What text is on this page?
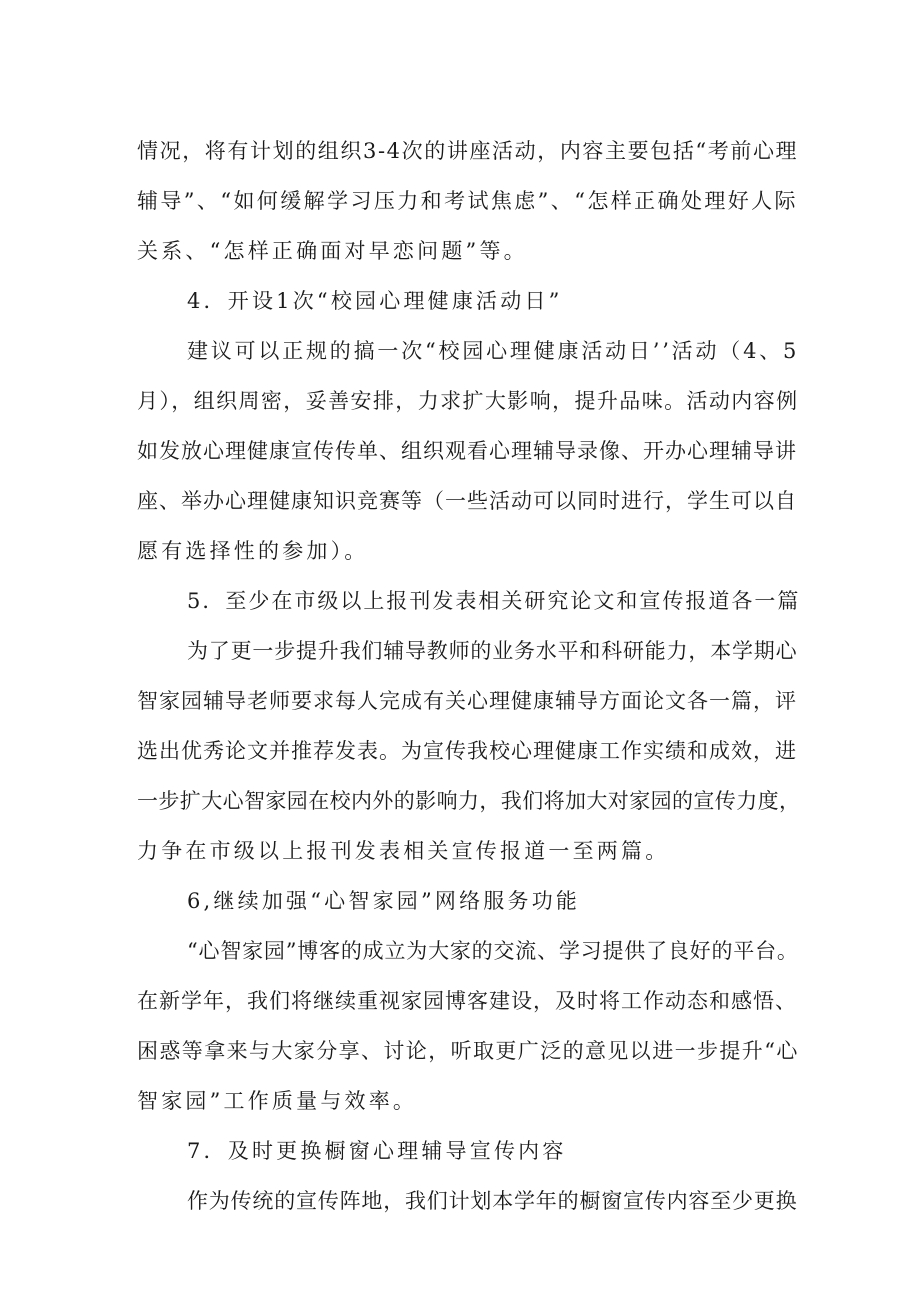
情况，将有计划的组织3-4次的讲座活动，内容主要包括“考前心理
辅导”、“如何缓解学习压力和考试焦虑”、“怎样正确处理好人际
关系、“怎样正确面对早恋问题”等。
4．开设1次“校园心理健康活动日”
建议可以正规的搞一次“校园心理健康活动日’’活动（4、5
月），组织周密，妥善安排，力求扩大影响，提升品味。活动内容例
如发放心理健康宣传传单、组织观看心理辅导录像、开办心理辅导讲
座、举办心理健康知识竞赛等（一些活动可以同时进行，学生可以自
愿有选择性的参加）。
5．至少在市级以上报刊发表相关研究论文和宣传报道各一篇
为了更一步提升我们辅导教师的业务水平和科研能力，本学期心
智家园辅导老师要求每人完成有关心理健康辅导方面论文各一篇，评
选出优秀论文并推荐发表。为宣传我校心理健康工作实绩和成效，进
一步扩大心智家园在校内外的影响力，我们将加大对家园的宣传力度，
力争在市级以上报刊发表相关宣传报道一至两篇。
6,继续加强“心智家园”网络服务功能
“心智家园”博客的成立为大家的交流、学习提供了良好的平台。
在新学年，我们将继续重视家园博客建设，及时将工作动态和感悟、
困惑等拿来与大家分享、讨论，听取更广泛的意见以进一步提升“心
智家园”工作质量与效率。
7．及时更换橱窗心理辅导宣传内容
作为传统的宣传阵地，我们计划本学年的橱窗宣传内容至少更换
